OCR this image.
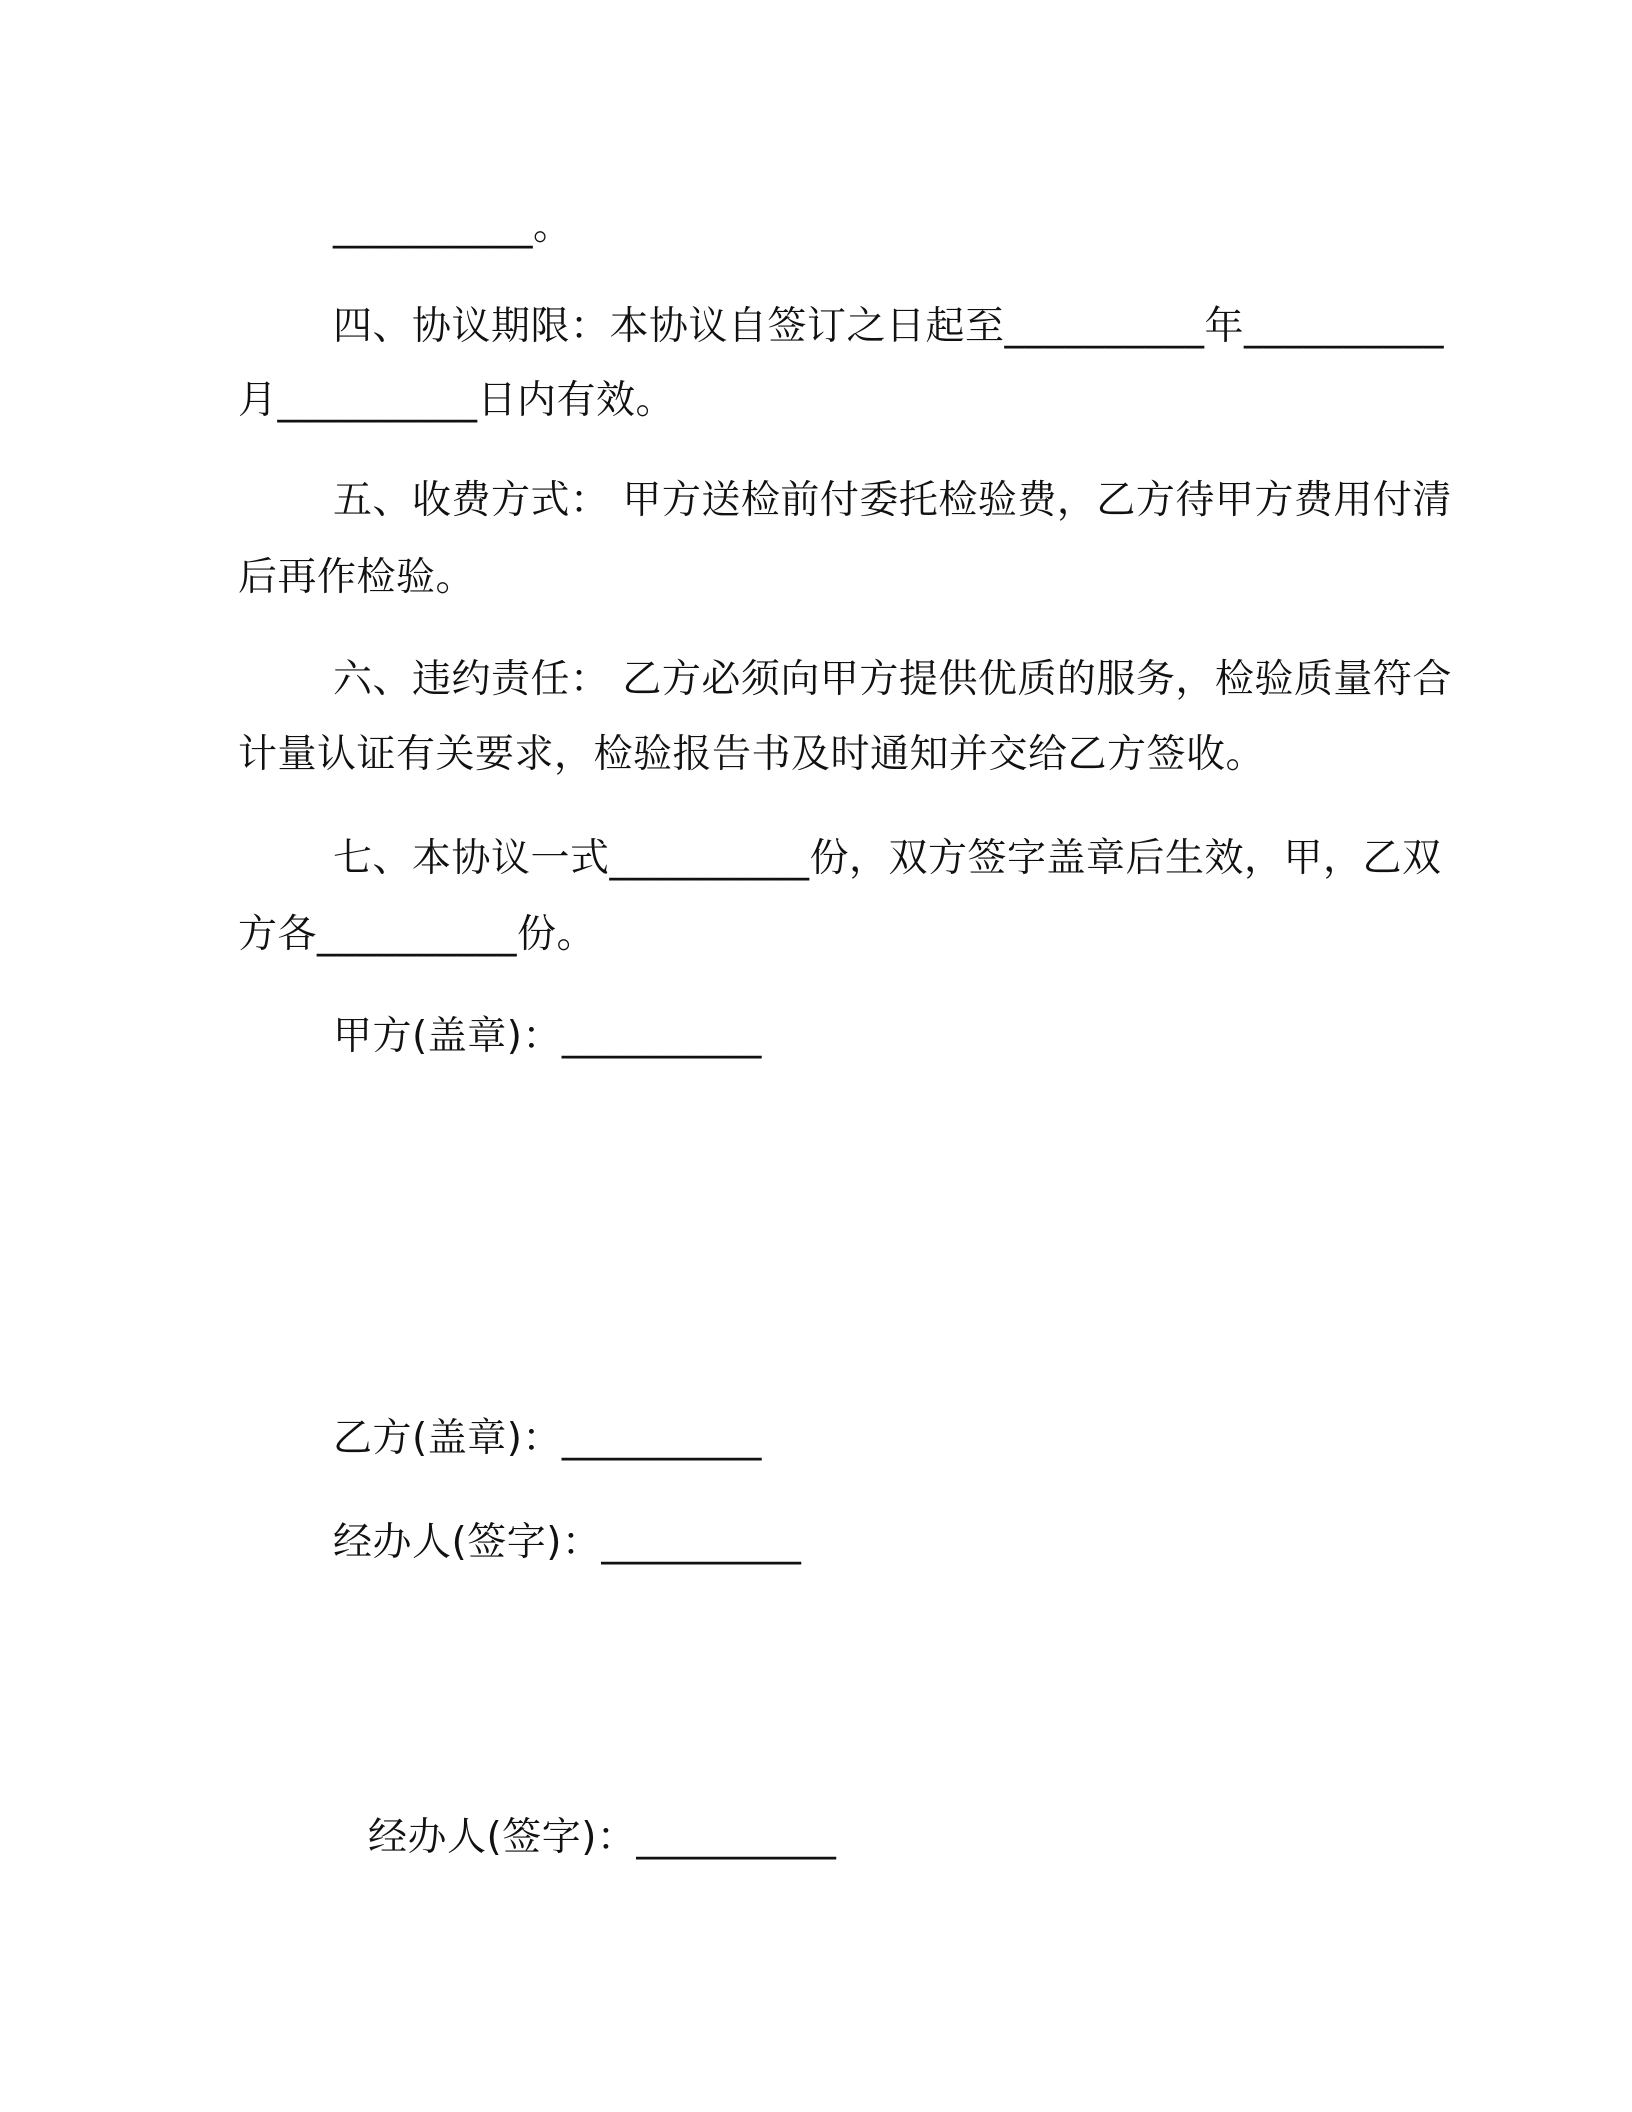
__________。
四、协议期限：本协议自签订之日起至__________年__________
月__________日内有效。
五、收费方式： 甲方送检前付委托检验费，乙方待甲方费用付清
后再作检验。
六、违约责任： 乙方必须向甲方提供优质的服务，检验质量符合
计量认证有关要求，检验报告书及时通知并交给乙方签收。
七、本协议一式__________份，双方签字盖章后生效，甲，乙双
方各__________份。
甲方(盖章)：__________
乙方(盖章)：__________
经办人(签字)：__________
经办人(签字)：__________
